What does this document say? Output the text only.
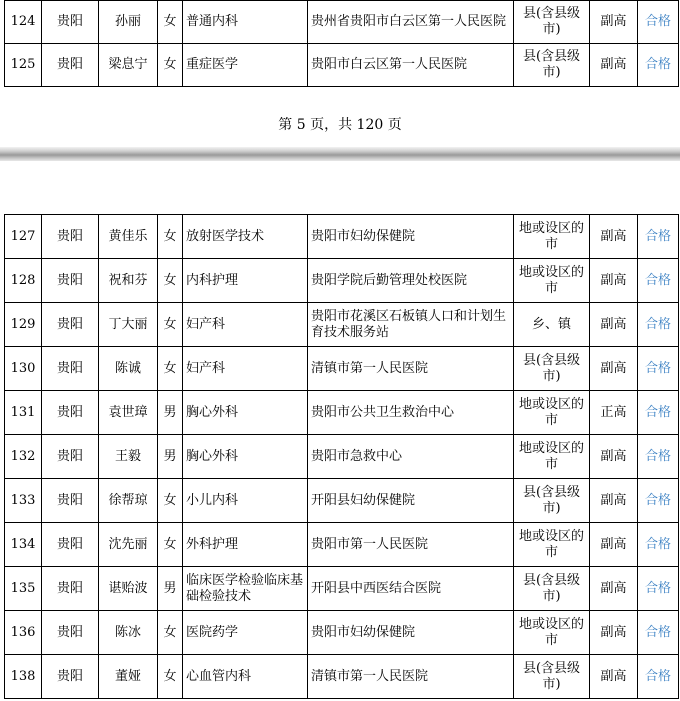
124	贵阳	孙丽	女	普通内科	贵州省贵阳市白云区第一人民医院	县(含县级市)	副高	合格
125	贵阳	梁息宁	女	重症医学	贵阳市白云区第一人民医院	县(含县级市)	副高	合格
第 5 页，共 120 页
127	贵阳	黄佳乐	女	放射医学技术	贵阳市妇幼保健院	地或设区的市	副高	合格
128	贵阳	祝和芬	女	内科护理	贵阳学院后勤管理处校医院	地或设区的市	副高	合格
129	贵阳	丁大丽	女	妇产科	贵阳市花溪区石板镇人口和计划生育技术服务站	乡、镇	副高	合格
130	贵阳	陈诚	女	妇产科	清镇市第一人民医院	县(含县级市)	副高	合格
131	贵阳	袁世璋	男	胸心外科	贵阳市公共卫生救治中心	地或设区的市	正高	合格
132	贵阳	王毅	男	胸心外科	贵阳市急救中心	地或设区的市	副高	合格
133	贵阳	徐帮琼	女	小儿内科	开阳县妇幼保健院	县(含县级市)	副高	合格
134	贵阳	沈先丽	女	外科护理	贵阳市第一人民医院	地或设区的市	副高	合格
135	贵阳	谌贻波	男	临床医学检验临床基础检验技术	开阳县中西医结合医院	县(含县级市)	副高	合格
136	贵阳	陈冰	女	医院药学	贵阳市妇幼保健院	地或设区的市	副高	合格
138	贵阳	董娅	女	心血管内科	清镇市第一人民医院	县(含县级市)	副高	合格
